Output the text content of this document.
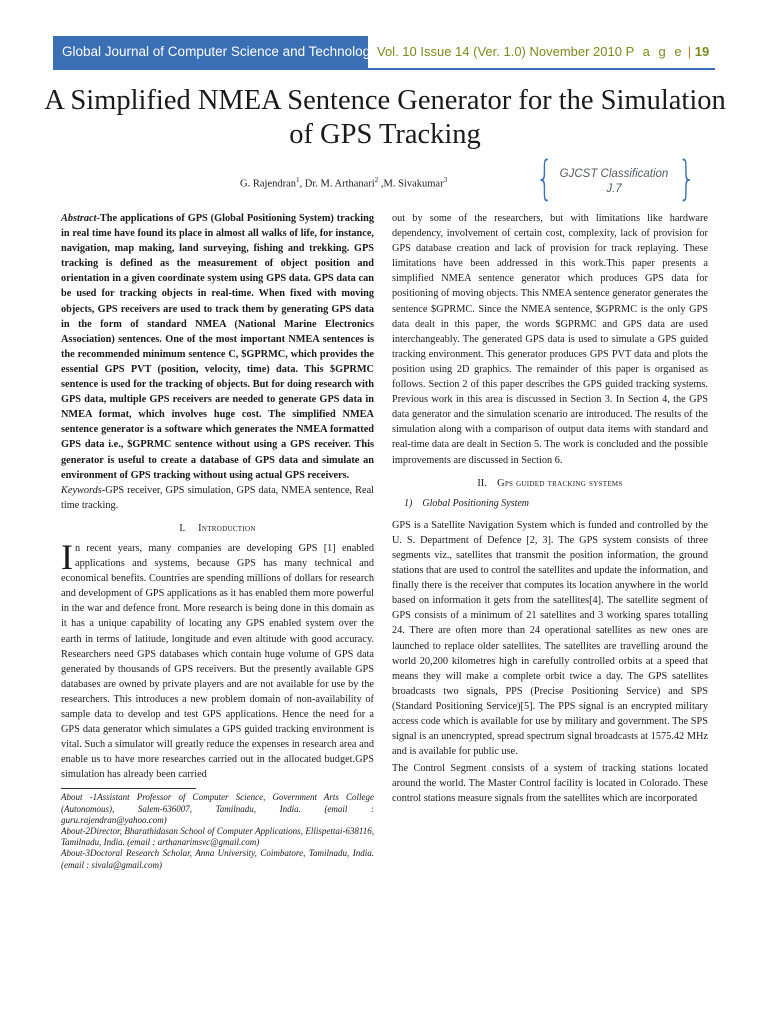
Global Journal of Computer Science and Technology Vol. 10 Issue 14 (Ver. 1.0) November 2010 P a g e | 19
A Simplified NMEA Sentence Generator for the Simulation of GPS Tracking
G. Rajendran$^1$, Dr. M. Arthanari$^2$ ,M. Sivakumar$^3$ { GJCST Classification
J.7	}

Abstract-The applications of GPS (Global Positioning System) tracking in real time have found its place in almost all walks of life, for instance, navigation, map making, land surveying, fishing and trekking. GPS tracking is defined as the measurement of object position and orientation in a given coordinate system using GPS data. GPS data can be used for tracking objects in real-time. When fixed with moving objects, GPS receivers are used to track them by generating GPS data in the form of standard NMEA (National Marine Electronics Association) sentences. One of the most important NMEA sentences is the recommended minimum sentence C, $GPRMC, which provides the essential GPS PVT (position, velocity, time) data. This $GPRMC sentence is used for the tracking of objects. But for doing research with GPS data, multiple GPS receivers are needed to generate GPS data in NMEA format, which involves huge cost. The simplified NMEA sentence generator is a software which generates the NMEA formatted GPS data i.e., $GPRMC sentence without using a GPS receiver. This generator is useful to create a database of GPS data and simulate an environment of GPS tracking without using actual GPS receivers.

Keywords-GPS receiver, GPS simulation, GPS data, NMEA sentence, Real time tracking.

I. Introduction

In recent years, many companies are developing GPS [1] enabled applications and systems, because GPS has many technical and economical benefits. Countries are spending millions of dollars for research and development of GPS applications as it has enabled them more powerful in the war and defence front. More research is being done in this domain as it has a unique capability of locating any GPS enabled system over the earth in terms of latitude, longitude and even altitude with good accuracy. Researchers need GPS databases which contain huge volume of GPS data generated by thousands of GPS receivers. But the presently available GPS databases are owned by private players and are not available for use by the researchers. This introduces a new problem domain of non-availability of sample data to develop and test GPS applications. Hence the need for a GPS data generator which simulates a GPS guided tracking environment is vital. Such a simulator will greatly reduce the expenses in research area and enable us to have more researches carried out in the allocated budget.GPS simulation has already been carried

About -1Assistant Professor of Computer Science, Government Arts College (Autonomous), Salem-636007, Tamilnadu, India. (email : guru.rajendran@yahoo.com)

About-2Director, Bharathidasan School of Computer Applications, Ellispettai-638116, Tamilnadu, India. (email : arthanarimsvc@gmail.com)

About-3Doctoral Research Scholar, Anna University, Coimbatore, Tamilnadu, India. (email : sivala@gmail.com)

out by some of the researchers, but with limitations like hardware dependency, involvement of certain cost, complexity, lack of provision for GPS database creation and lack of provision for track replaying. These limitations have been addressed in this work.This paper presents a simplified NMEA sentence generator which produces GPS data for positioning of moving objects. This NMEA sentence generator generates the sentence $GPRMC. Since the NMEA sentence, $GPRMC is the only GPS data dealt in this paper, the words $GPRMC and GPS data are used interchangeably. The generated GPS data is used to simulate a GPS guided tracking environment. This generator produces GPS PVT data and plots the position using 2D graphics. The remainder of this paper is organised as follows. Section 2 of this paper describes the GPS guided tracking systems. Previous work in this area is discussed in Section 3. In Section 4, the GPS data generator and the simulation scenario are introduced. The results of the simulation along with a comparison of output data items with standard and real-time data are dealt in Section 5. The work is concluded and the possible improvements are discussed in Section 6.

II. Gps guided tracking systems
1) Global Positioning System

GPS is a Satellite Navigation System which is funded and controlled by the U. S. Department of Defence [2, 3]. The GPS system consists of three segments viz., satellites that transmit the position information, the ground stations that are used to control the satellites and update the information, and finally there is the receiver that computes its location anywhere in the world based on information it gets from the satellites[4]. The satellite segment of GPS consists of a minimum of 21 satellites and 3 working spares totalling 24. There are often more than 24 operational satellites as new ones are launched to replace older satellites. The satellites are travelling around the world 20,200 kilometres high in carefully controlled orbits at a speed that means they will make a complete orbit twice a day. The GPS satellites broadcasts two signals, PPS (Precise Positioning Service) and SPS (Standard Positioning Service)[5]. The PPS signal is an encrypted military access code which is available for use by military and government. The SPS signal is an unencrypted, spread spectrum signal broadcasts at 1575.42 MHz and is available for public use.

The Control Segment consists of a system of tracking stations located around the world. The Master Control facility is located in Colorado. These control stations measure signals from the satellites which are incorporated
